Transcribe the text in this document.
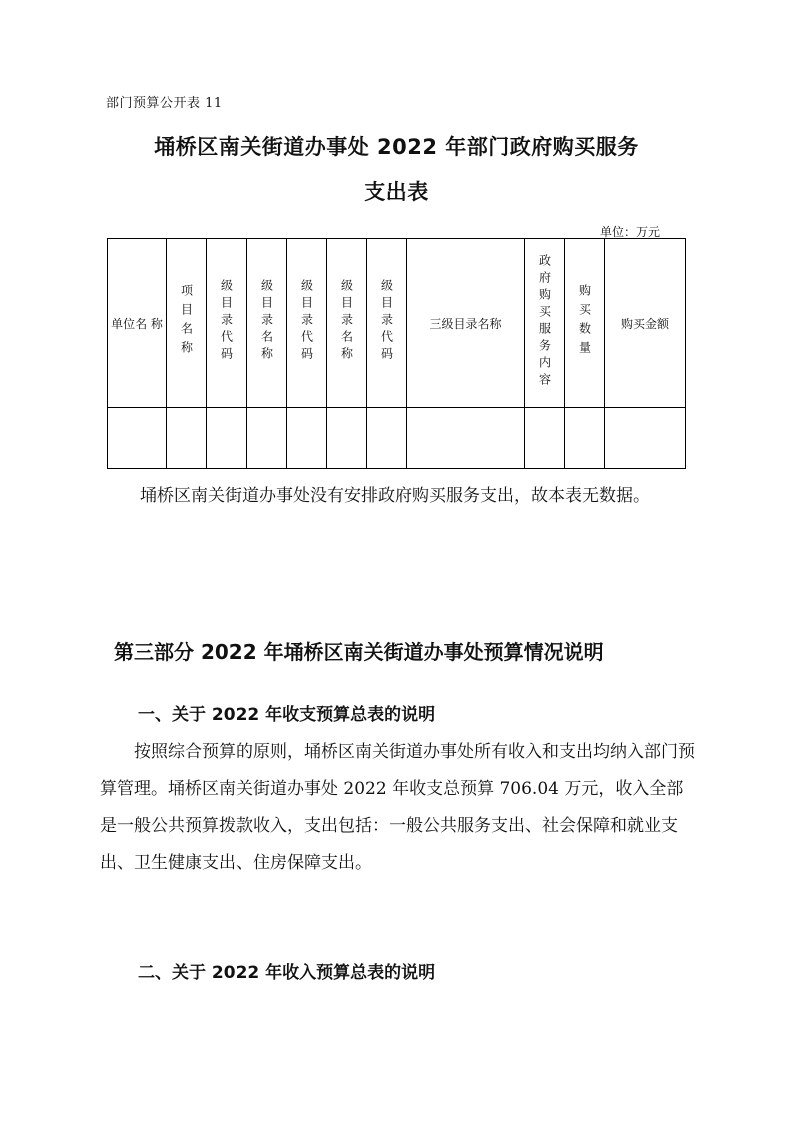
部门预算公开表 11
埇桥区南关街道办事处 2022 年部门政府购买服务
支出表
单位：万元
单位名 称	项目名称	级目录代码	级目录名称	级目录代码	级目录名称	级目录代码	三级目录名称	政府购买服务内容	购买数量	购买金额

埇桥区南关街道办事处没有安排政府购买服务支出，故本表无数据。
第三部分 2022 年埇桥区南关街道办事处预算情况说明
一、关于 2022 年收支预算总表的说明
按照综合预算的原则，埇桥区南关街道办事处所有收入和支出均纳入部门预算管理。埇桥区南关街道办事处 2022 年收支总预算 706.04 万元，收入全部是一般公共预算拨款收入，支出包括：一般公共服务支出、社会保障和就业支出、卫生健康支出、住房保障支出。
二、关于 2022 年收入预算总表的说明
